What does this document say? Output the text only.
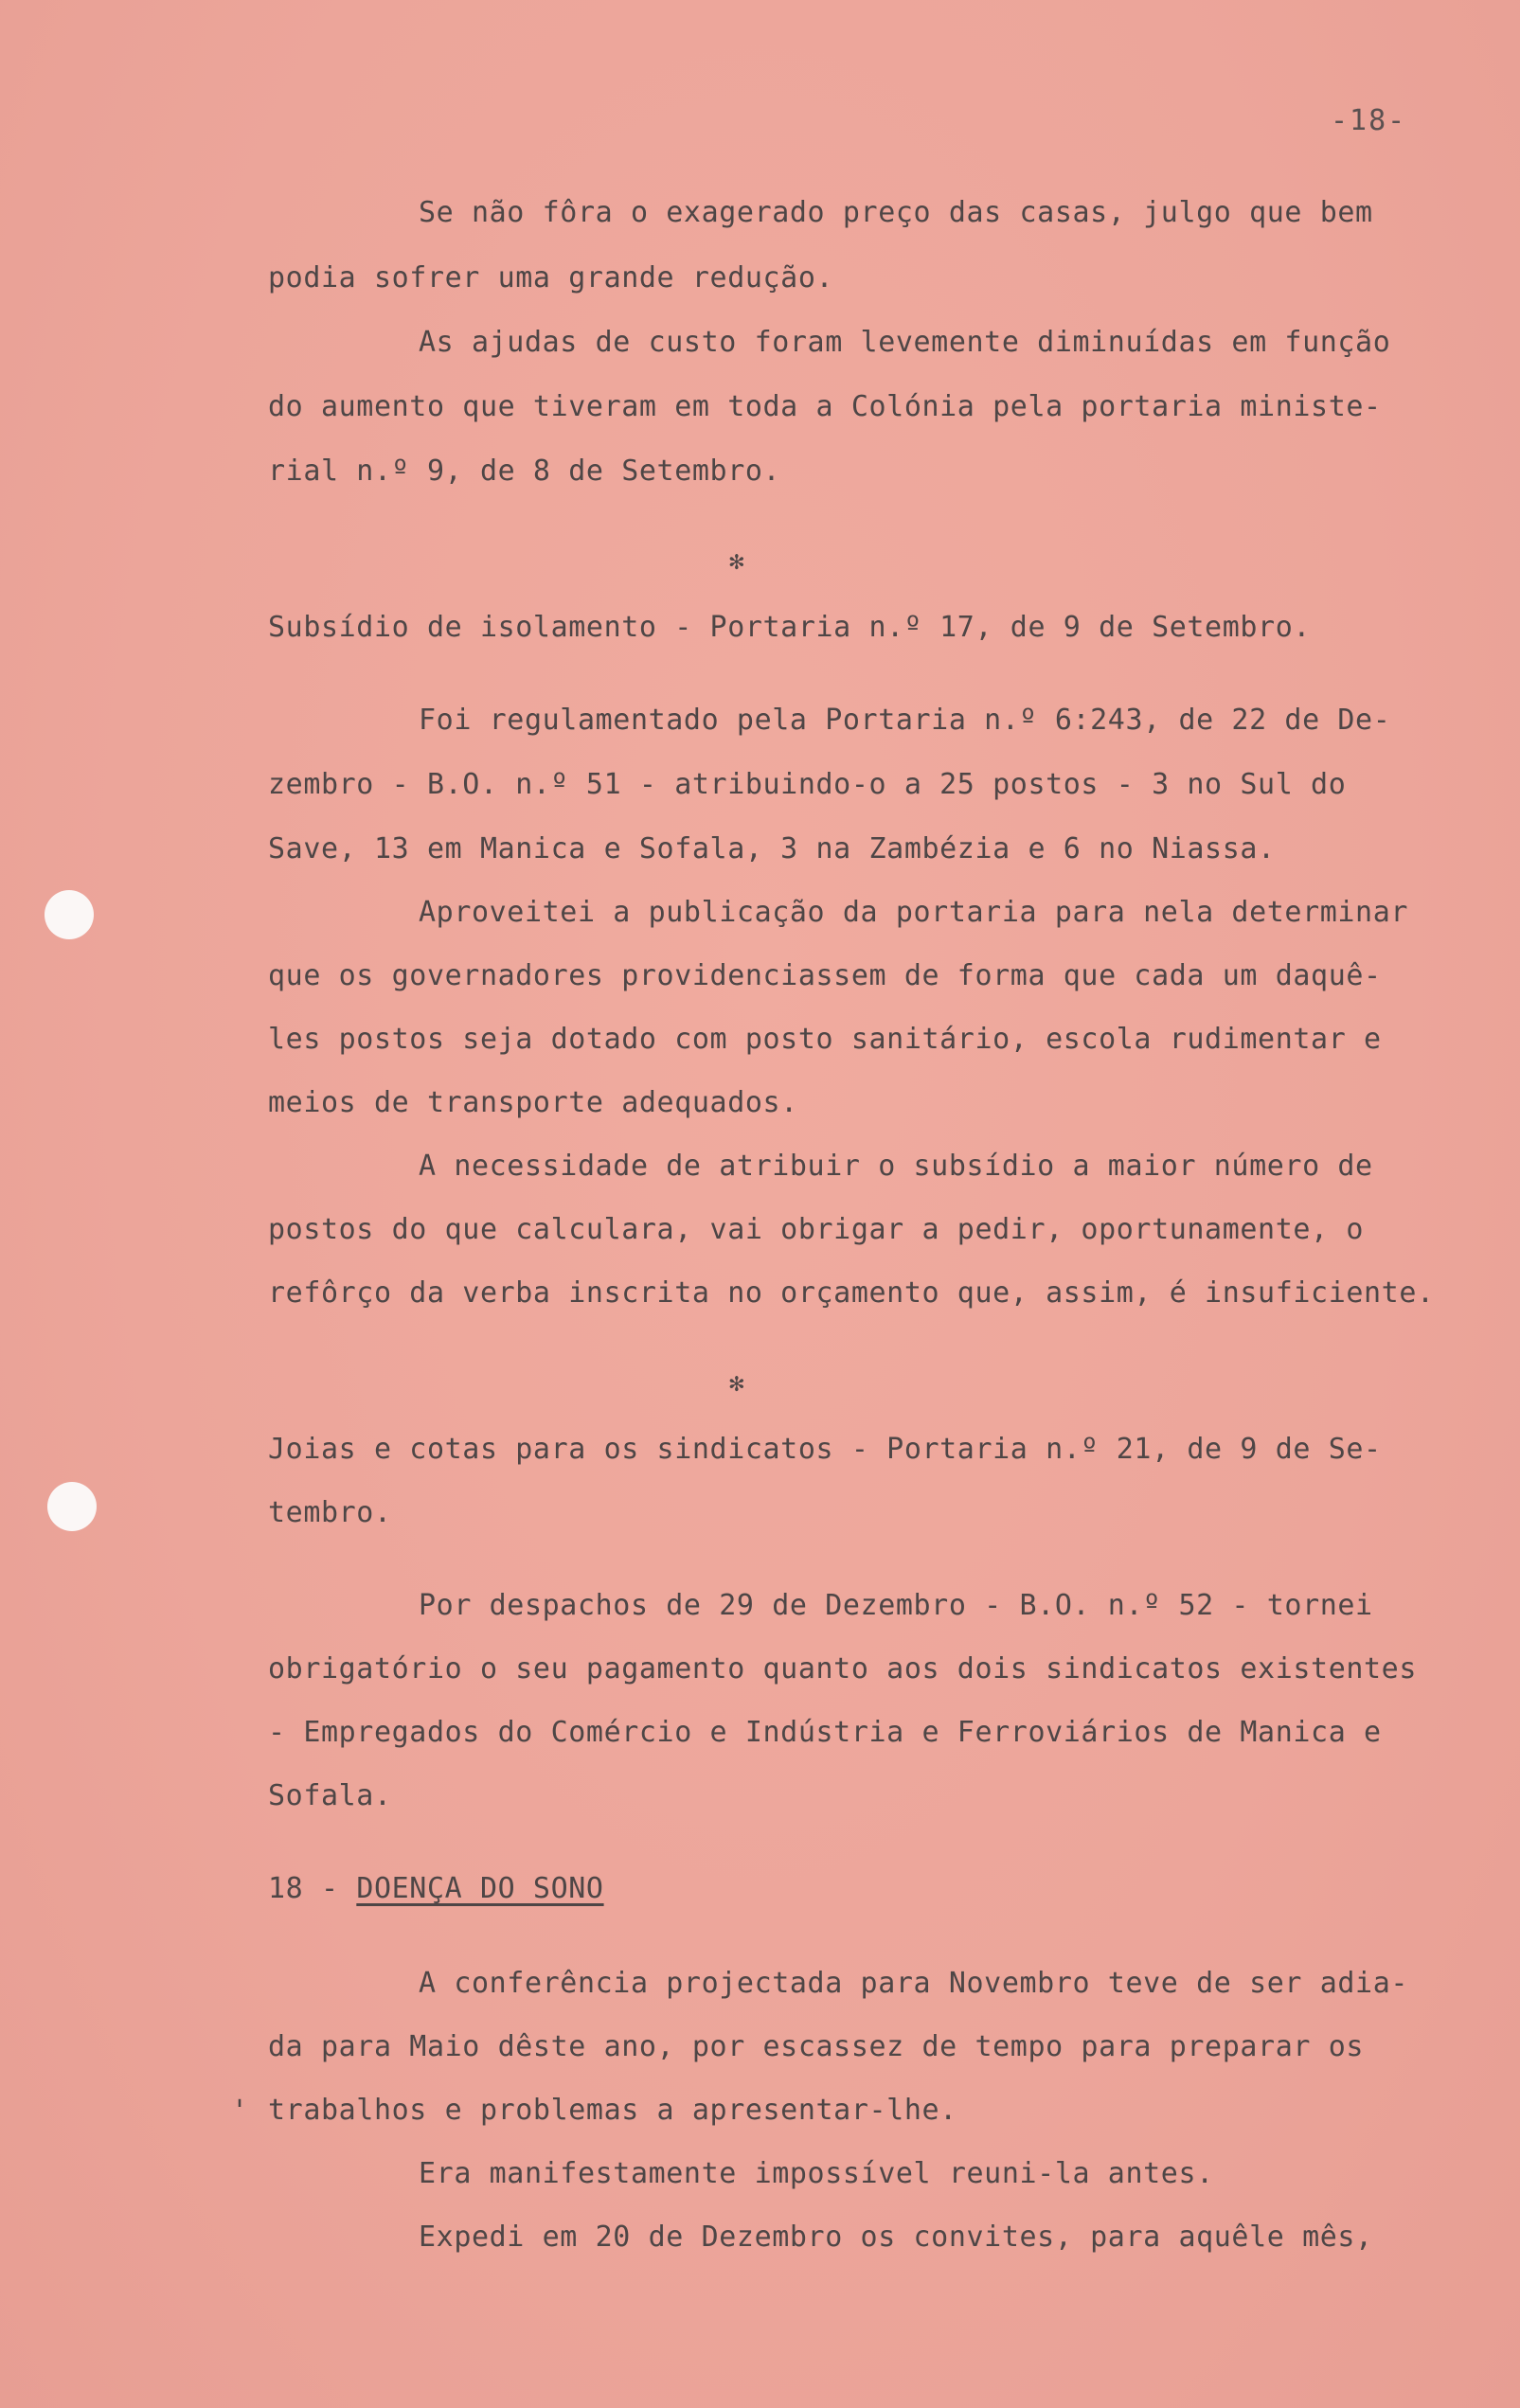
-18-
Se não fôra o exagerado preço das casas, julgo que bem
podia sofrer uma grande redução.
As ajudas de custo foram levemente diminuídas em função
do aumento que tiveram em toda a Colónia pela portaria ministe-
rial n.º 9, de 8 de Setembro.
✻
Subsídio de isolamento - Portaria n.º 17, de 9 de Setembro.
Foi regulamentado pela Portaria n.º 6:243, de 22 de De-
zembro - B.O. n.º 51 - atribuindo-o a 25 postos - 3 no Sul do
Save, 13 em Manica e Sofala, 3 na Zambézia e 6 no Niassa.
Aproveitei a publicação da portaria para nela determinar
que os governadores providenciassem de forma que cada um daquê-
les postos seja dotado com posto sanitário, escola rudimentar e
meios de transporte adequados.
A necessidade de atribuir o subsídio a maior número de
postos do que calculara, vai obrigar a pedir, oportunamente, o
refôrço da verba inscrita no orçamento que, assim, é insuficiente.
✻
Joias e cotas para os sindicatos - Portaria n.º 21, de 9 de Se-
tembro.
Por despachos de 29 de Dezembro - B.O. n.º 52 - tornei
obrigatório o seu pagamento quanto aos dois sindicatos existentes
- Empregados do Comércio e Indústria e Ferroviários de Manica e
Sofala.
18 - DOENÇA DO SONO
A conferência projectada para Novembro teve de ser adia-
da para Maio dêste ano, por escassez de tempo para preparar os
' trabalhos e problemas a apresentar-lhe.
Era manifestamente impossível reuni-la antes.
Expedi em 20 de Dezembro os convites, para aquêle mês,
